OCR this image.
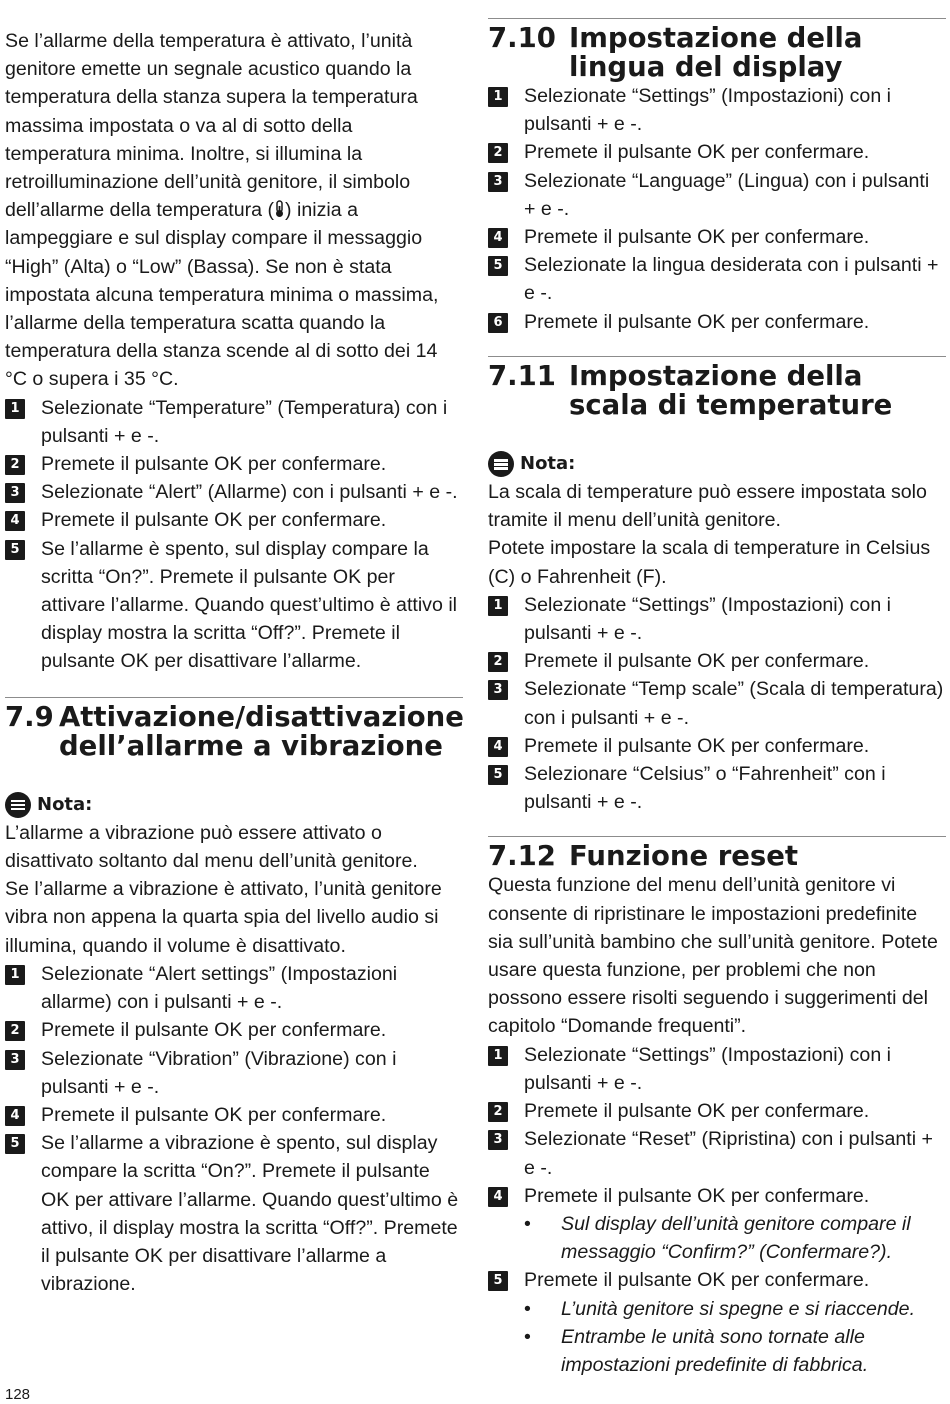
Se l’allarme della temperatura è attivato, l’unità genitore emette un segnale acustico quando la temperatura della stanza supera la temperatura massima impostata o va al di sotto della temperatura minima. Inoltre, si illumina la retroilluminazione dell’unità genitore, il simbolo dell’allarme della temperatura ( ) inizia a lampeggiare e sul display compare il messaggio “High” (Alta) o “Low” (Bassa). Se non è stata impostata alcuna temperatura minima o massima, l’allarme della temperatura scatta quando la temperatura della stanza scende al di sotto dei 14 °C o supera i 35 °C.

1 Selezionate “Temperature” (Temperatura) con i pulsanti + e -.
2 Premete il pulsante OK per confermare.
3 Selezionate “Alert” (Allarme) con i pulsanti + e -.
4 Premete il pulsante OK per confermare.
5 Se l’allarme è spento, sul display compare la scritta “On?”. Premete il pulsante OK per attivare l’allarme. Quando quest’ultimo è attivo il display mostra la scritta “Off?”. Premete il pulsante OK per disattivare l’allarme.
7.9 Attivazione/disattivazione dell’allarme a vibrazione
Nota:

L’allarme a vibrazione può essere attivato o disattivato soltanto dal menu dell’unità genitore.

Se l’allarme a vibrazione è attivato, l’unità genitore vibra non appena la quarta spia del livello audio si illumina, quando il volume è disattivato.

1 Selezionate “Alert settings” (Impostazioni allarme) con i pulsanti + e -.
2 Premete il pulsante OK per confermare.
3 Selezionate “Vibration” (Vibrazione) con i pulsanti + e -.
4 Premete il pulsante OK per confermare.
5 Se l’allarme a vibrazione è spento, sul display compare la scritta “On?”. Premete il pulsante OK per attivare l’allarme. Quando quest’ultimo è attivo, il display mostra la scritta “Off?”. Premete il pulsante OK per disattivare l’allarme a vibrazione.
7.10 Impostazione della lingua del display
1 Selezionate “Settings” (Impostazioni) con i pulsanti + e -.
2 Premete il pulsante OK per confermare.
3 Selezionate “Language” (Lingua) con i pulsanti + e -.
4 Premete il pulsante OK per confermare.
5 Selezionate la lingua desiderata con i pulsanti + e -.
6 Premete il pulsante OK per confermare.
7.11 Impostazione della scala di temperature
Nota:

La scala di temperature può essere impostata solo tramite il menu dell’unità genitore.

Potete impostare la scala di temperature in Celsius (C) o Fahrenheit (F).

1 Selezionate “Settings” (Impostazioni) con i pulsanti + e -.
2 Premete il pulsante OK per confermare.
3 Selezionate “Temp scale” (Scala di temperatura) con i pulsanti + e -.
4 Premete il pulsante OK per confermare.
5 Selezionare “Celsius” o “Fahrenheit” con i pulsanti + e -.
7.12 Funzione reset

Questa funzione del menu dell’unità genitore vi consente di ripristinare le impostazioni predefinite sia sull’unità bambino che sull’unità genitore. Potete usare questa funzione, per problemi che non possono essere risolti seguendo i suggerimenti del capitolo “Domande frequenti”.

1 Selezionate “Settings” (Impostazioni) con i pulsanti + e -.
2 Premete il pulsante OK per confermare.
3 Selezionate “Reset” (Ripristina) con i pulsanti + e -.
4 Premete il pulsante OK per confermare.
• Sul display dell’unità genitore compare il messaggio “Confirm?” (Confermare?).
5 Premete il pulsante OK per confermare.
• L’unità genitore si spegne e si riaccende.
• Entrambe le unità sono tornate alle impostazioni predefinite di fabbrica.
128
